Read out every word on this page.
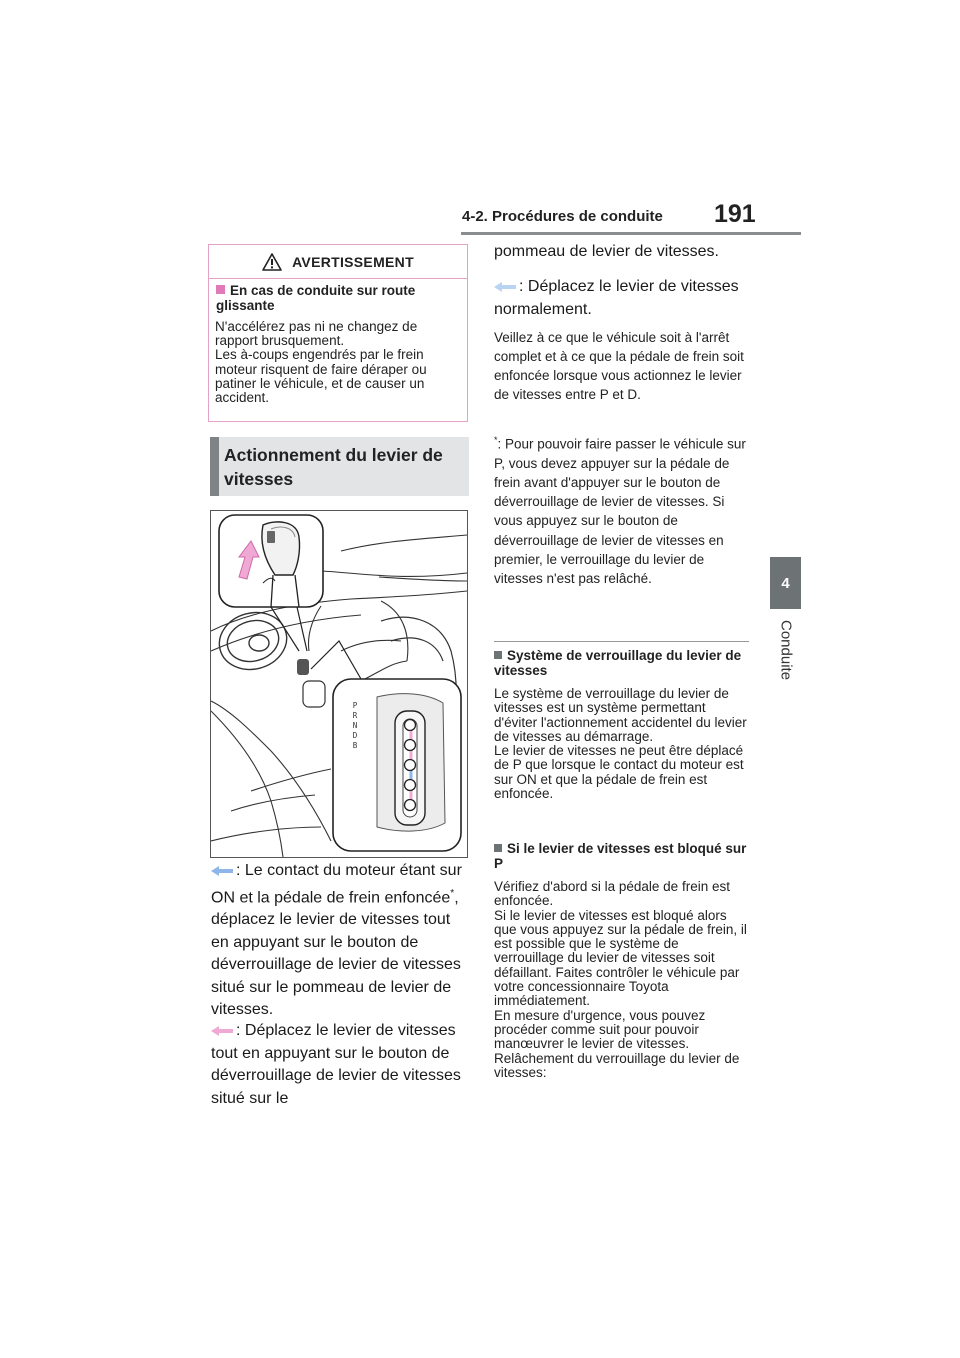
4-2. Procédures de conduite 191
4
Conduite
AVERTISSEMENT
En cas de conduite sur route glissante
N'accélérez pas ni ne changez de rapport brusquement.
Les à-coups engendrés par le frein moteur risquent de faire déraper ou patiner le véhicule, et de causer un accident.
Actionnement du levier de vitesses
P
R
N
D
B
: Le contact du moteur étant sur ON et la pédale de frein enfoncée*, déplacez le levier de vitesses tout en appuyant sur le bouton de déverrouillage de levier de vitesses situé sur le pommeau de levier de vitesses.
: Déplacez le levier de vitesses tout en appuyant sur le bouton de déverrouillage de levier de vitesses situé sur le
pommeau de levier de vitesses.
: Déplacez le levier de vitesses normalement.
Veillez à ce que le véhicule soit à l'arrêt complet et à ce que la pédale de frein soit enfoncée lorsque vous actionnez le levier de vitesses entre P et D.
*: Pour pouvoir faire passer le véhicule sur P, vous devez appuyer sur la pédale de frein avant d'appuyer sur le bouton de déverrouillage de levier de vitesses. Si vous appuyez sur le bouton de déverrouillage de levier de vitesses en premier, le verrouillage du levier de vitesses n'est pas relâché.
Système de verrouillage du levier de vitesses
Le système de verrouillage du levier de vitesses est un système permettant d'éviter l'actionnement accidentel du levier de vitesses au démarrage.
Le levier de vitesses ne peut être déplacé de P que lorsque le contact du moteur est sur ON et que la pédale de frein est enfoncée.
Si le levier de vitesses est bloqué sur P
Vérifiez d'abord si la pédale de frein est enfoncée.
Si le levier de vitesses est bloqué alors que vous appuyez sur la pédale de frein, il est possible que le système de verrouillage du levier de vitesses soit défaillant. Faites contrôler le véhicule par votre concessionnaire Toyota immédiatement.
En mesure d'urgence, vous pouvez procéder comme suit pour pouvoir manœuvrer le levier de vitesses.
Relâchement du verrouillage du levier de vitesses:
